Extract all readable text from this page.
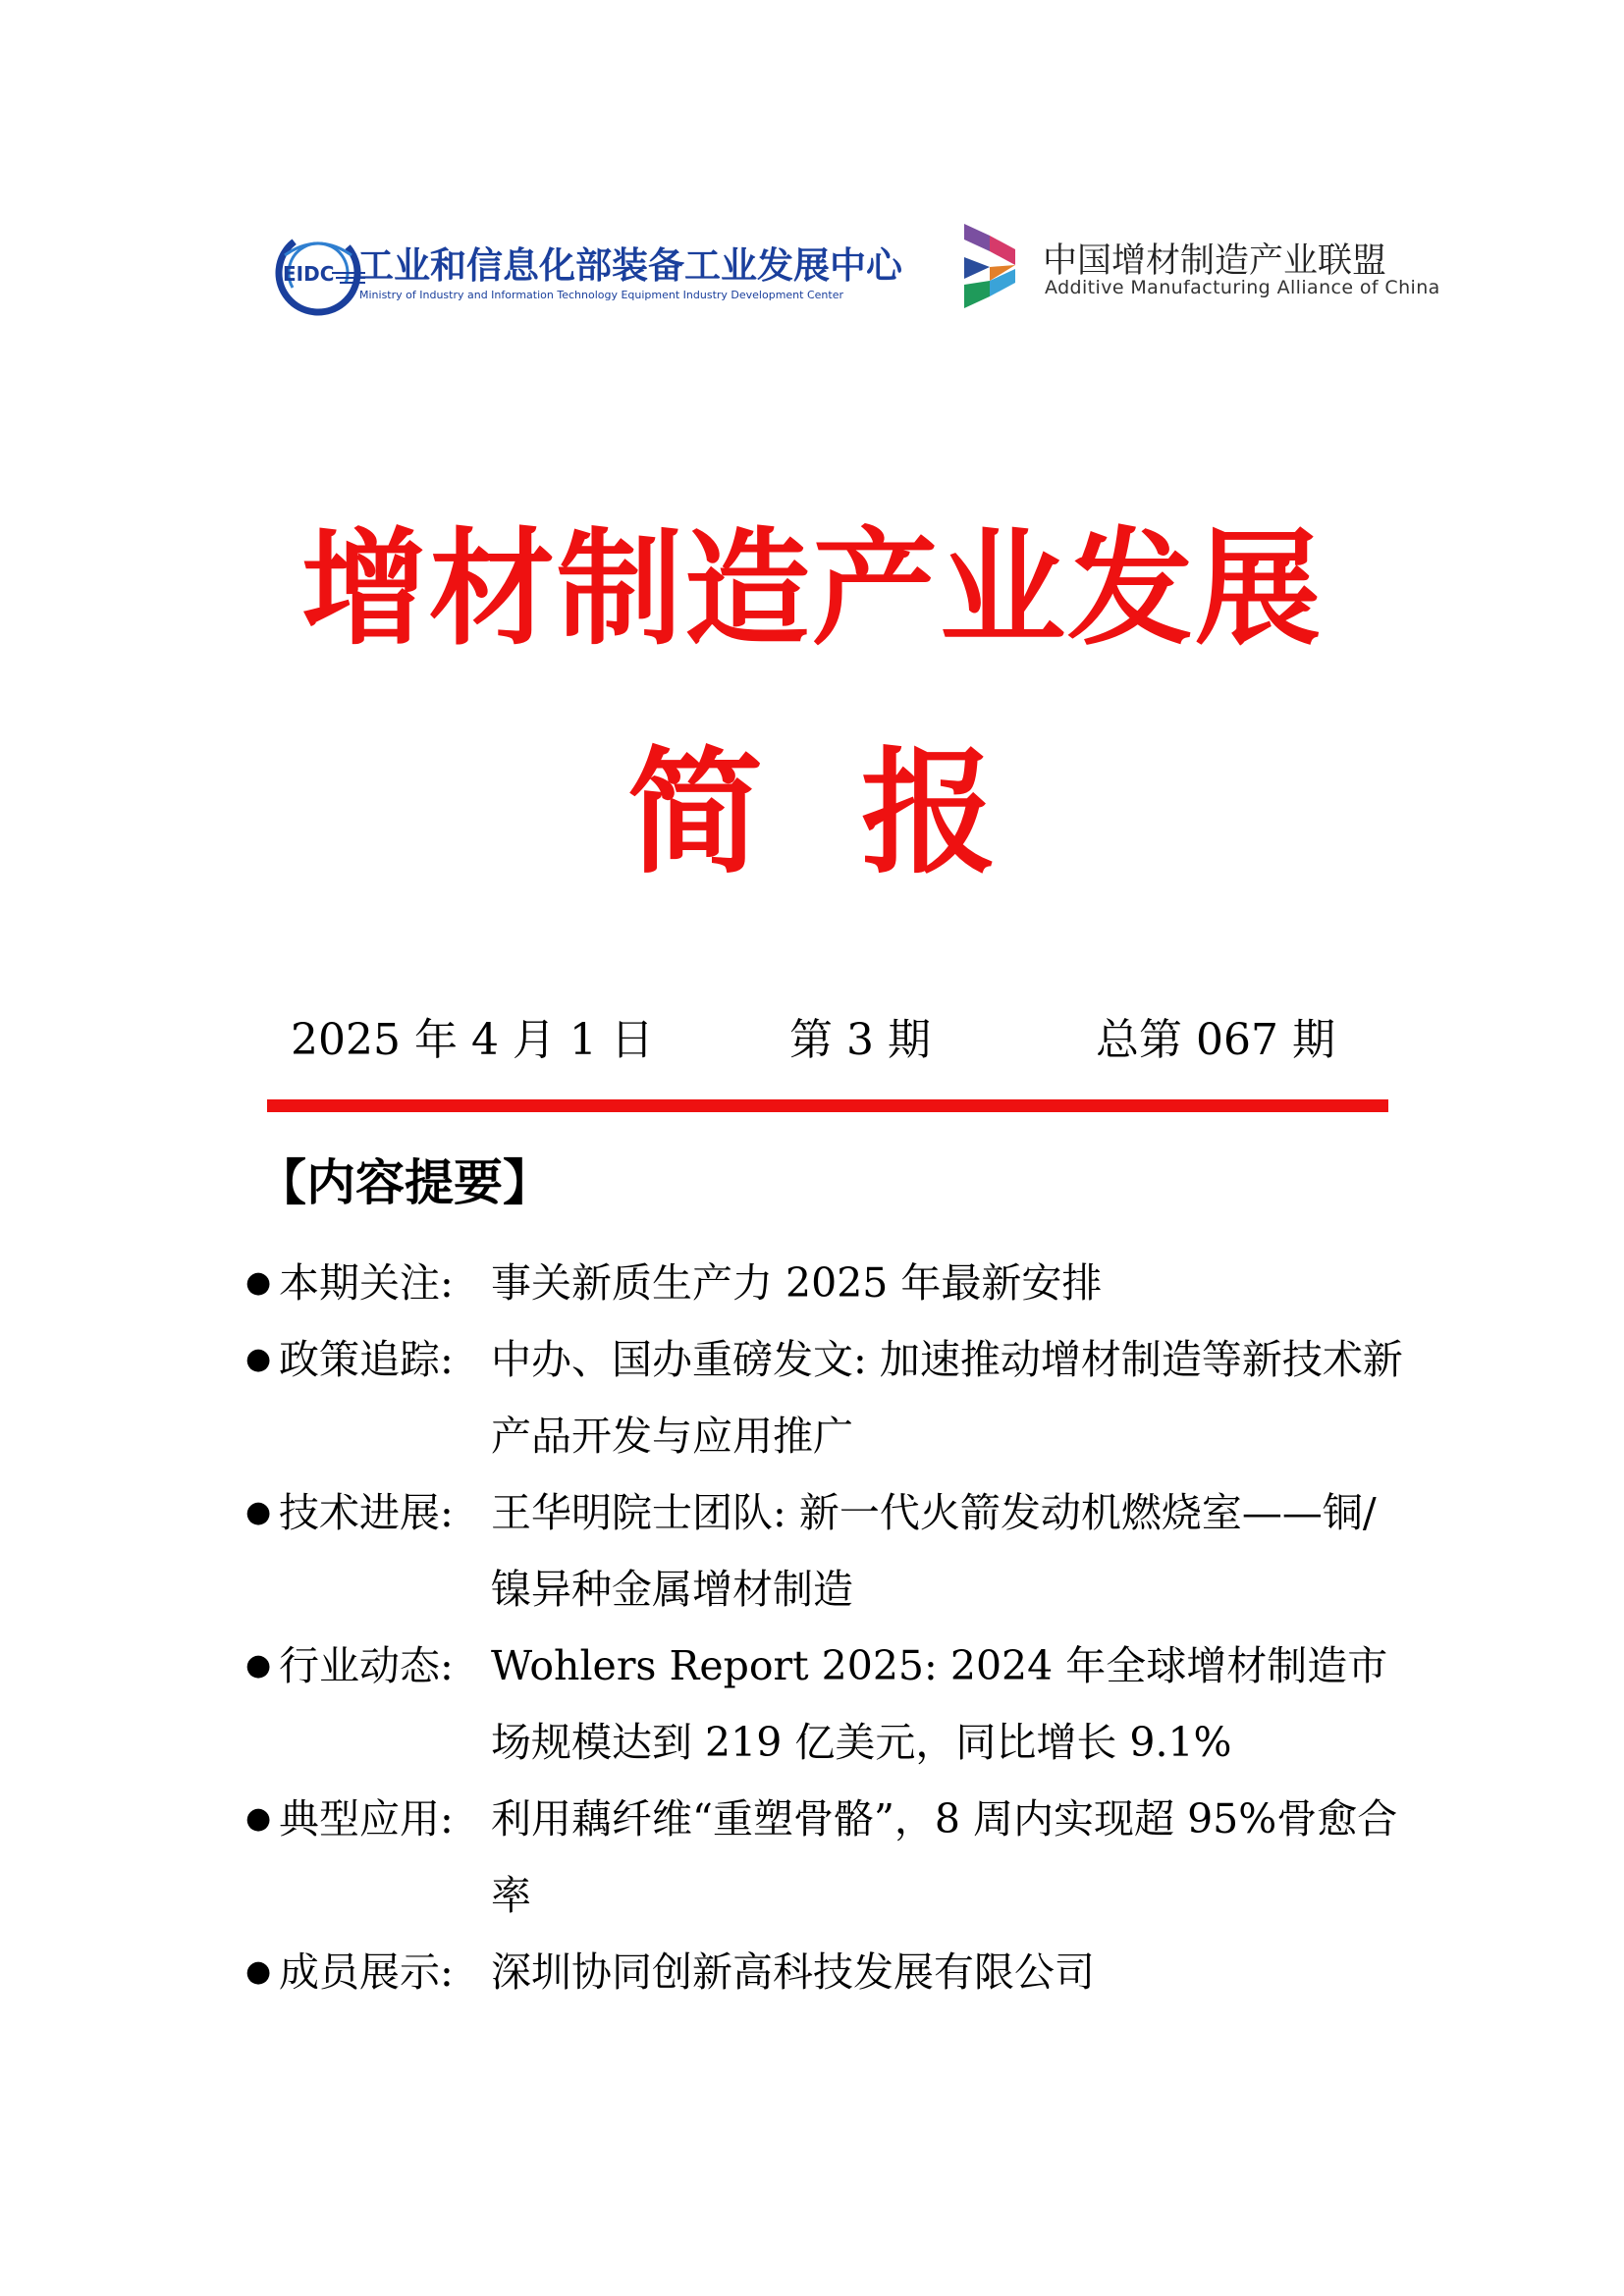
EIDC 工业和信息化部装备工业发展中心
Ministry of Industry and Information Technology Equipment Industry Development Center
中国增材制造产业联盟
Additive Manufacturing Alliance of China
增材制造产业发展
简报
2025 年 4 月 1 日	第 3 期	总第 067 期
【内容提要】
● 本期关注: 事关新质生产力 2025 年最新安排
● 政策追踪: 中办、国办重磅发文: 加速推动增材制造等新技术新产品开发与应用推广
● 技术进展: 王华明院士团队: 新一代火箭发动机燃烧室——铜/镍异种金属增材制造
● 行业动态: Wohlers Report 2025: 2024 年全球增材制造市场规模达到 219 亿美元，同比增长 9.1%
● 典型应用: 利用藕纤维“重塑骨骼”，8 周内实现超 95%骨愈合率
● 成员展示: 深圳协同创新高科技发展有限公司
